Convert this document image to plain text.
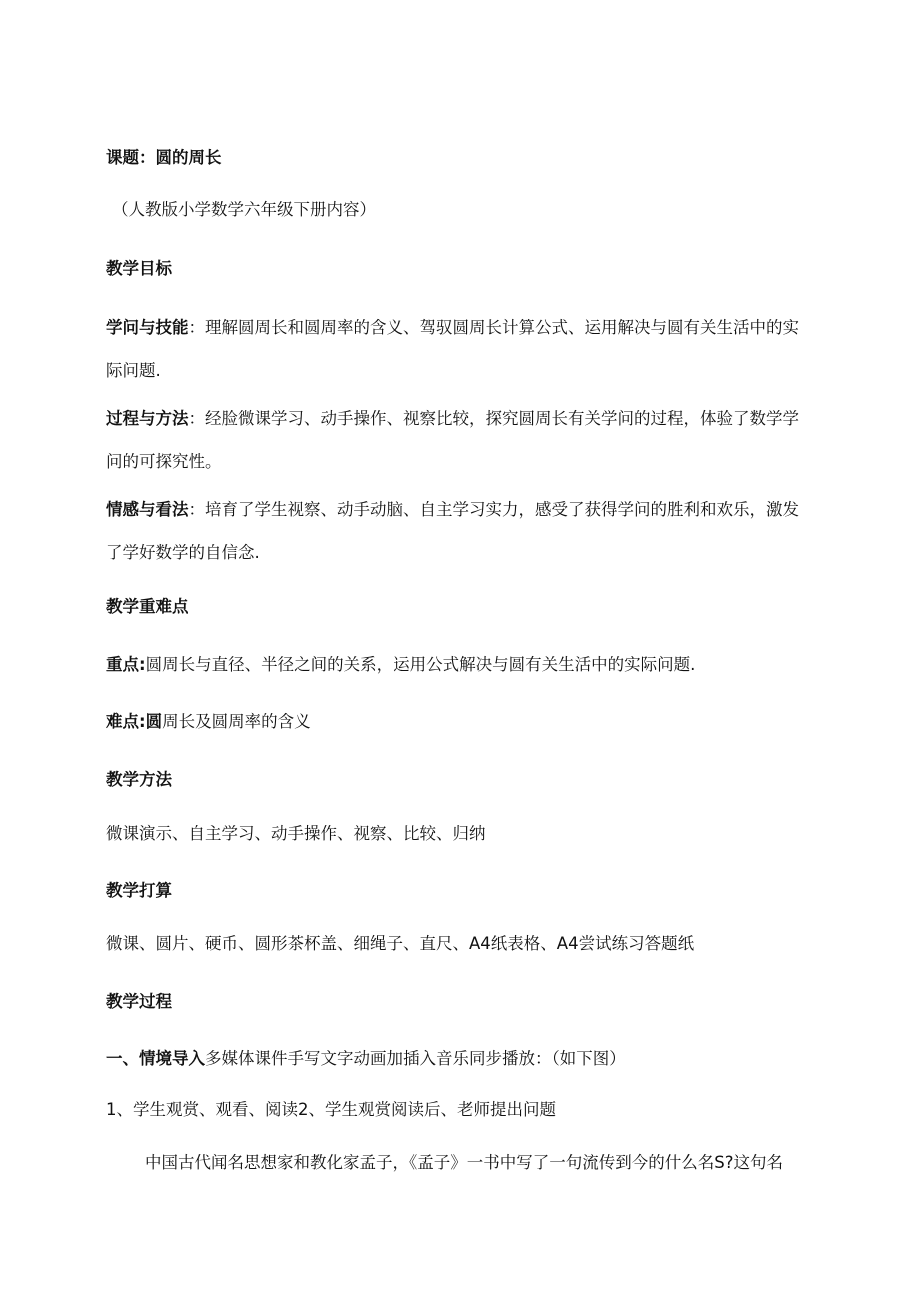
课题：圆的周长
（人教版小学数学六年级下册内容）
教学目标
学问与技能：理解圆周长和圆周率的含义、驾驭圆周长计算公式、运用解决与圆有关生活中的实际问题.
过程与方法：经脸微课学习、动手操作、视察比较，探究圆周长有关学问的过程，体验了数学学问的可探究性。
情感与看法：培育了学生视察、动手动脑、自主学习实力，感受了获得学问的胜利和欢乐，激发了学好数学的自信念.
教学重难点
重点:圆周长与直径、半径之间的关系，运用公式解决与圆有关生活中的实际问题.
难点:圆周长及圆周率的含义
教学方法
微课演示、自主学习、动手操作、视察、比较、归纳
教学打算
微课、圆片、硬币、圆形茶杯盖、细绳子、直尺、A4纸表格、A4尝试练习答题纸
教学过程
一、情境导入多媒体课件手写文字动画加插入音乐同步播放：（如下图）
1、学生观赏、观看、阅读2、学生观赏阅读后、老师提出问题
中国古代闻名思想家和教化家孟子，《孟子》一书中写了一句流传到今的什么名S?这句名
